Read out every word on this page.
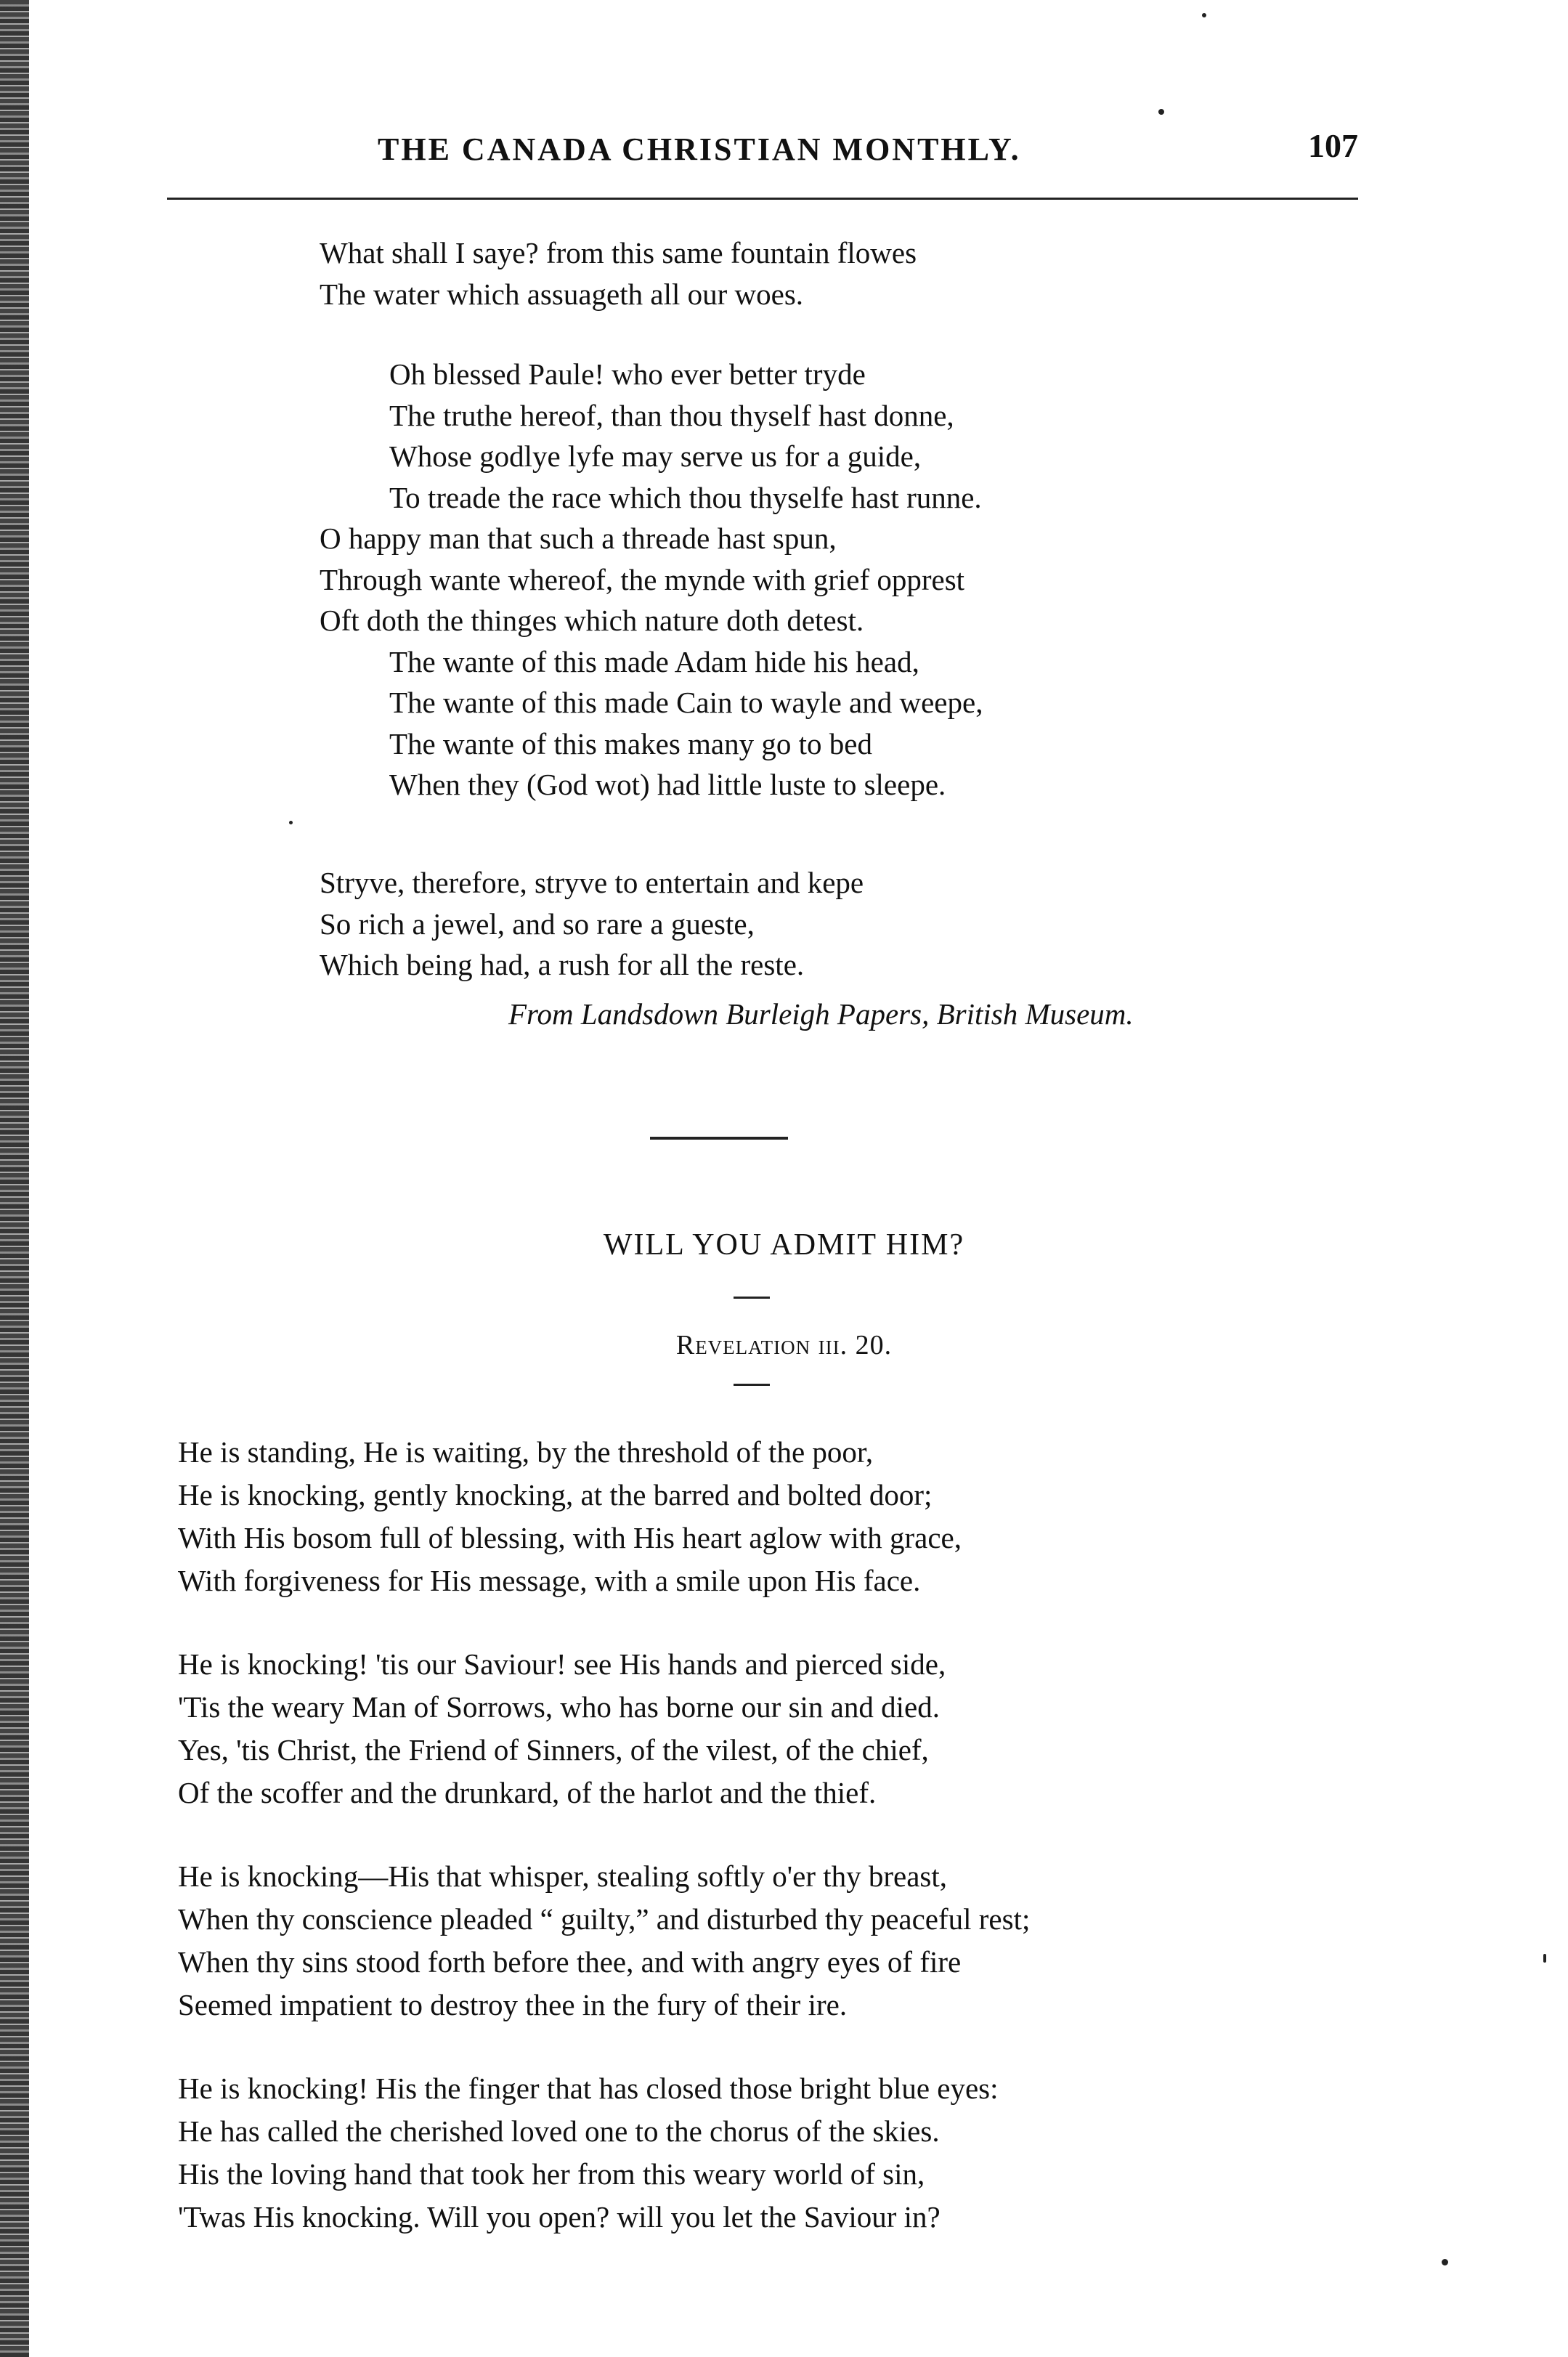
THE CANADA CHRISTIAN MONTHLY.	107

What shall I saye? from this same fountain flowes

The water which assuageth all our woes.

Oh blessed Paule! who ever better tryde

The truthe hereof, than thou thyself hast donne,

Whose godlye lyfe may serve us for a guide,

To treade the race which thou thyselfe hast runne.

O happy man that such a threade hast spun,

Through wante whereof, the mynde with grief opprest

Oft doth the thinges which nature doth detest.

The wante of this made Adam hide his head,

The wante of this made Cain to wayle and weepe,

The wante of this makes many go to bed

When they (God wot) had little luste to sleepe.

Stryve, therefore, stryve to entertain and kepe

So rich a jewel, and so rare a gueste,

Which being had, a rush for all the reste.

From Landsdown Burleigh Papers, British Museum.
WILL YOU ADMIT HIM?
Revelation iii. 20.

He is standing, He is waiting, by the threshold of the poor,

He is knocking, gently knocking, at the barred and bolted door;

With His bosom full of blessing, with His heart aglow with grace,

With forgiveness for His message, with a smile upon His face.

He is knocking! 'tis our Saviour! see His hands and pierced side,

'Tis the weary Man of Sorrows, who has borne our sin and died.

Yes, 'tis Christ, the Friend of Sinners, of the vilest, of the chief,

Of the scoffer and the drunkard, of the harlot and the thief.

He is knocking—His that whisper, stealing softly o'er thy breast,

When thy conscience pleaded “ guilty,” and disturbed thy peaceful rest;

When thy sins stood forth before thee, and with angry eyes of fire

Seemed impatient to destroy thee in the fury of their ire.

He is knocking! His the finger that has closed those bright blue eyes:

He has called the cherished loved one to the chorus of the skies.

His the loving hand that took her from this weary world of sin,

'Twas His knocking. Will you open? will you let the Saviour in?
